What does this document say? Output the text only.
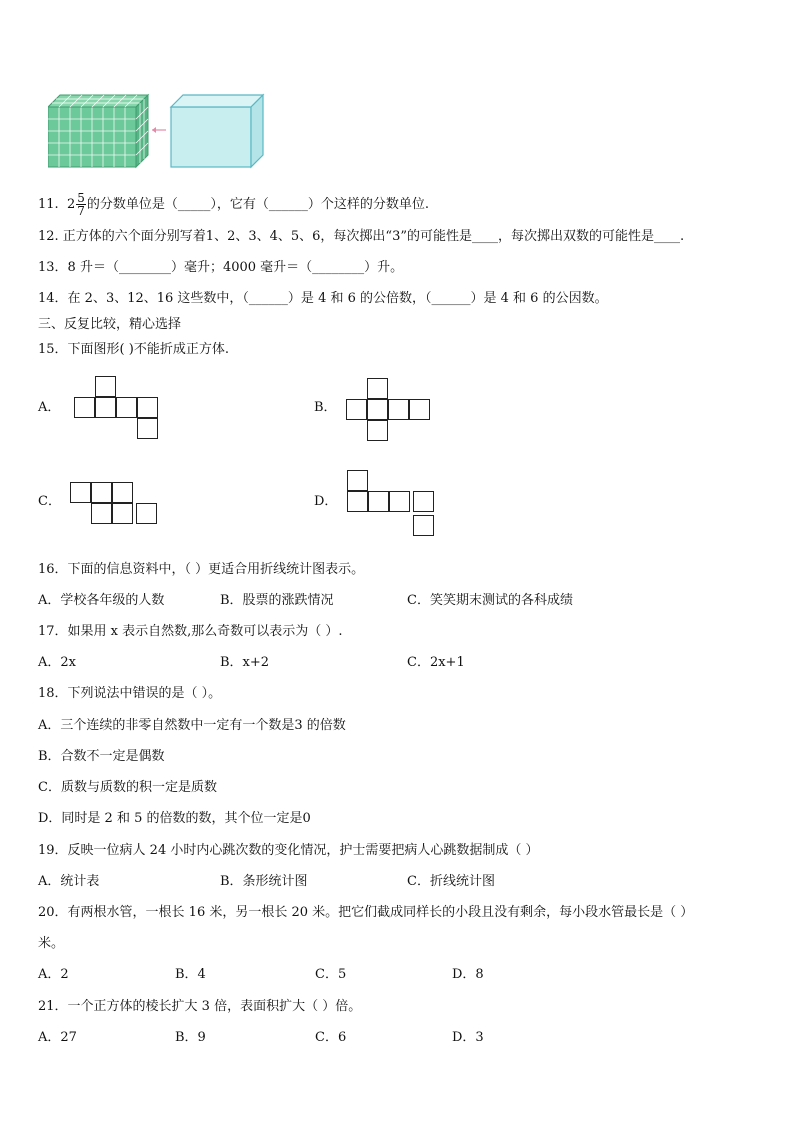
11. $2 \frac{5}{7}$ 的分数单位是（_____），它有（______）个这样的分数单位.
12. 正方体的六个面分别写着1、2、3、4、5、6，每次掷出“3”的可能性是____，每次掷出双数的可能性是____.
13．8 升＝（________）毫升；4000 毫升＝（________）升。
14．在 2、3、12、16 这些数中，（______）是 4 和 6 的公倍数，（______）是 4 和 6 的公因数。
三、反复比较，精心选择
15．下面图形( )不能折成正方体.
A．	B．
C．	D．
16．下面的信息资料中，（ ）更适合用折线统计图表示。
A．学校各年级的人数	B．股票的涨跌情况	C．笑笑期末测试的各科成绩
17．如果用 x 表示自然数,那么奇数可以表示为（ ）.
A．2x	B．x+2	C．2x+1
18．下列说法中错误的是（ ）。
A．三个连续的非零自然数中一定有一个数是3 的倍数
B．合数不一定是偶数
C．质数与质数的积一定是质数
D．同时是 2 和 5 的倍数的数，其个位一定是0
19．反映一位病人 24 小时内心跳次数的变化情况，护士需要把病人心跳数据制成（ ）
A．统计表	B．条形统计图	C．折线统计图
20．有两根水管，一根长 16 米，另一根长 20 米。把它们截成同样长的小段且没有剩余，每小段水管最长是（ ）
米。
A．2	B．4	C．5	D．8
21．一个正方体的棱长扩大 3 倍，表面积扩大（ ）倍。
A．27	B．9	C．6	D．3
